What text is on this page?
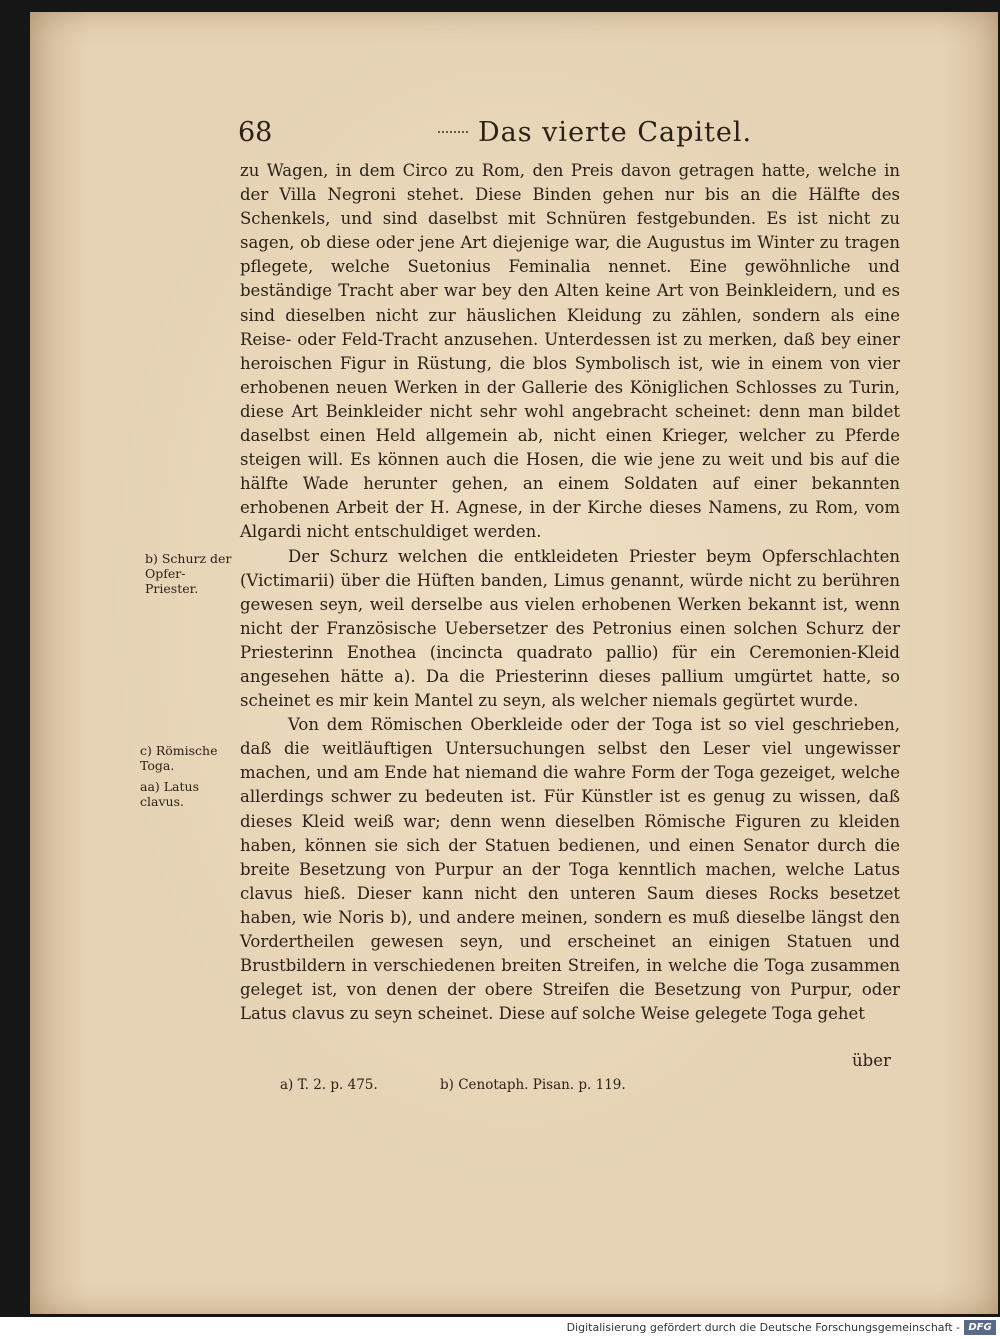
68	Das vierte Capitel.

zu Wagen, in dem Circo zu Rom, den Preis davon getragen hatte, welche in der Villa Negroni stehet. Diese Binden gehen nur bis an die Hälfte des Schenkels, und sind daselbst mit Schnüren festgebunden. Es ist nicht zu sagen, ob diese oder jene Art diejenige war, die Augustus im Winter zu tragen pflegete, welche Suetonius Feminalia nennet. Eine gewöhnliche und beständige Tracht aber war bey den Alten keine Art von Beinkleidern, und es sind dieselben nicht zur häuslichen Kleidung zu zählen, sondern als eine Reise- oder Feld-Tracht anzusehen. Unterdessen ist zu merken, daß bey einer heroischen Figur in Rüstung, die blos Symbolisch ist, wie in einem von vier erhobenen neuen Werken in der Gallerie des Königlichen Schlosses zu Turin, diese Art Beinkleider nicht sehr wohl angebracht scheinet: denn man bildet daselbst einen Held allgemein ab, nicht einen Krieger, welcher zu Pferde steigen will. Es können auch die Hosen, die wie jene zu weit und bis auf die hälfte Wade herunter gehen, an einem Soldaten auf einer bekannten erhobenen Arbeit der H. Agnese, in der Kirche dieses Namens, zu Rom, vom Algardi nicht entschuldiget werden.

Der Schurz welchen die entkleideten Priester beym Opferschlachten (Victimarii) über die Hüften banden, Limus genannt, würde nicht zu berühren gewesen seyn, weil derselbe aus vielen erhobenen Werken bekannt ist, wenn nicht der Französische Uebersetzer des Petronius einen solchen Schurz der Priesterinn Enothea (incincta quadrato pallio) für ein Ceremonien-Kleid angesehen hätte a). Da die Priesterinn dieses pallium umgürtet hatte, so scheinet es mir kein Mantel zu seyn, als welcher niemals gegürtet wurde.

Von dem Römischen Oberkleide oder der Toga ist so viel geschrieben, daß die weitläuftigen Untersuchungen selbst den Leser viel ungewisser machen, und am Ende hat niemand die wahre Form der Toga gezeiget, welche allerdings schwer zu bedeuten ist. Für Künstler ist es genug zu wissen, daß dieses Kleid weiß war; denn wenn dieselben Römische Figuren zu kleiden haben, können sie sich der Statuen bedienen, und einen Senator durch die breite Besetzung von Purpur an der Toga kenntlich machen, welche Latus clavus hieß. Dieser kann nicht den unteren Saum dieses Rocks besetzet haben, wie Noris b), und andere meinen, sondern es muß dieselbe längst den Vordertheilen gewesen seyn, und erscheinet an einigen Statuen und Brustbildern in verschiedenen breiten Streifen, in welche die Toga zusammen geleget ist, von denen der obere Streifen die Besetzung von Purpur, oder Latus clavus zu seyn scheinet. Diese auf solche Weise gelegete Toga gehet

b) Schurz der Opfer-Priester.
c) Römische Toga.
aa) Latus clavus.
über
a) T. 2. p. 475.	b) Cenotaph. Pisan. p. 119.
Digitalisierung gefördert durch die Deutsche Forschungsgemeinschaft - DFG
